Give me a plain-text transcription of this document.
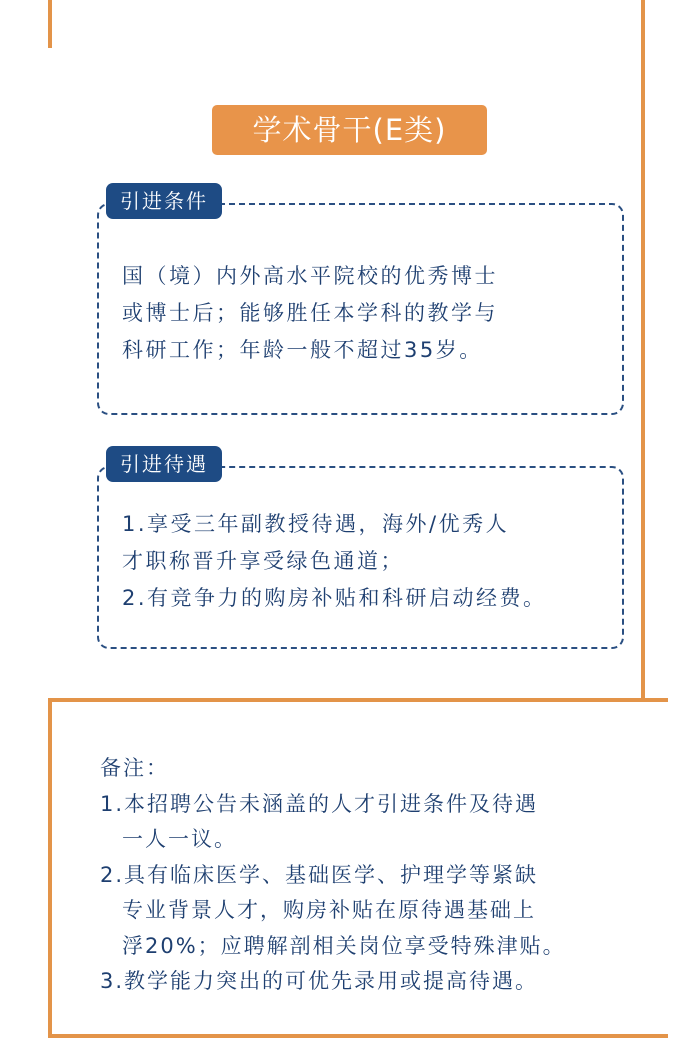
学术骨干(E类)
引进条件

国（境）内外高水平院校的优秀博士

或博士后；能够胜任本学科的教学与

科研工作；年龄一般不超过35岁。

引进待遇

1.享受三年副教授待遇，海外/优秀人

才职称晋升享受绿色通道；

2.有竞争力的购房补贴和科研启动经费。

备注：

1.本招聘公告未涵盖的人才引进条件及待遇

一人一议。

2.具有临床医学、基础医学、护理学等紧缺

专业背景人才，购房补贴在原待遇基础上

浮20%；应聘解剖相关岗位享受特殊津贴。

3.教学能力突出的可优先录用或提高待遇。
